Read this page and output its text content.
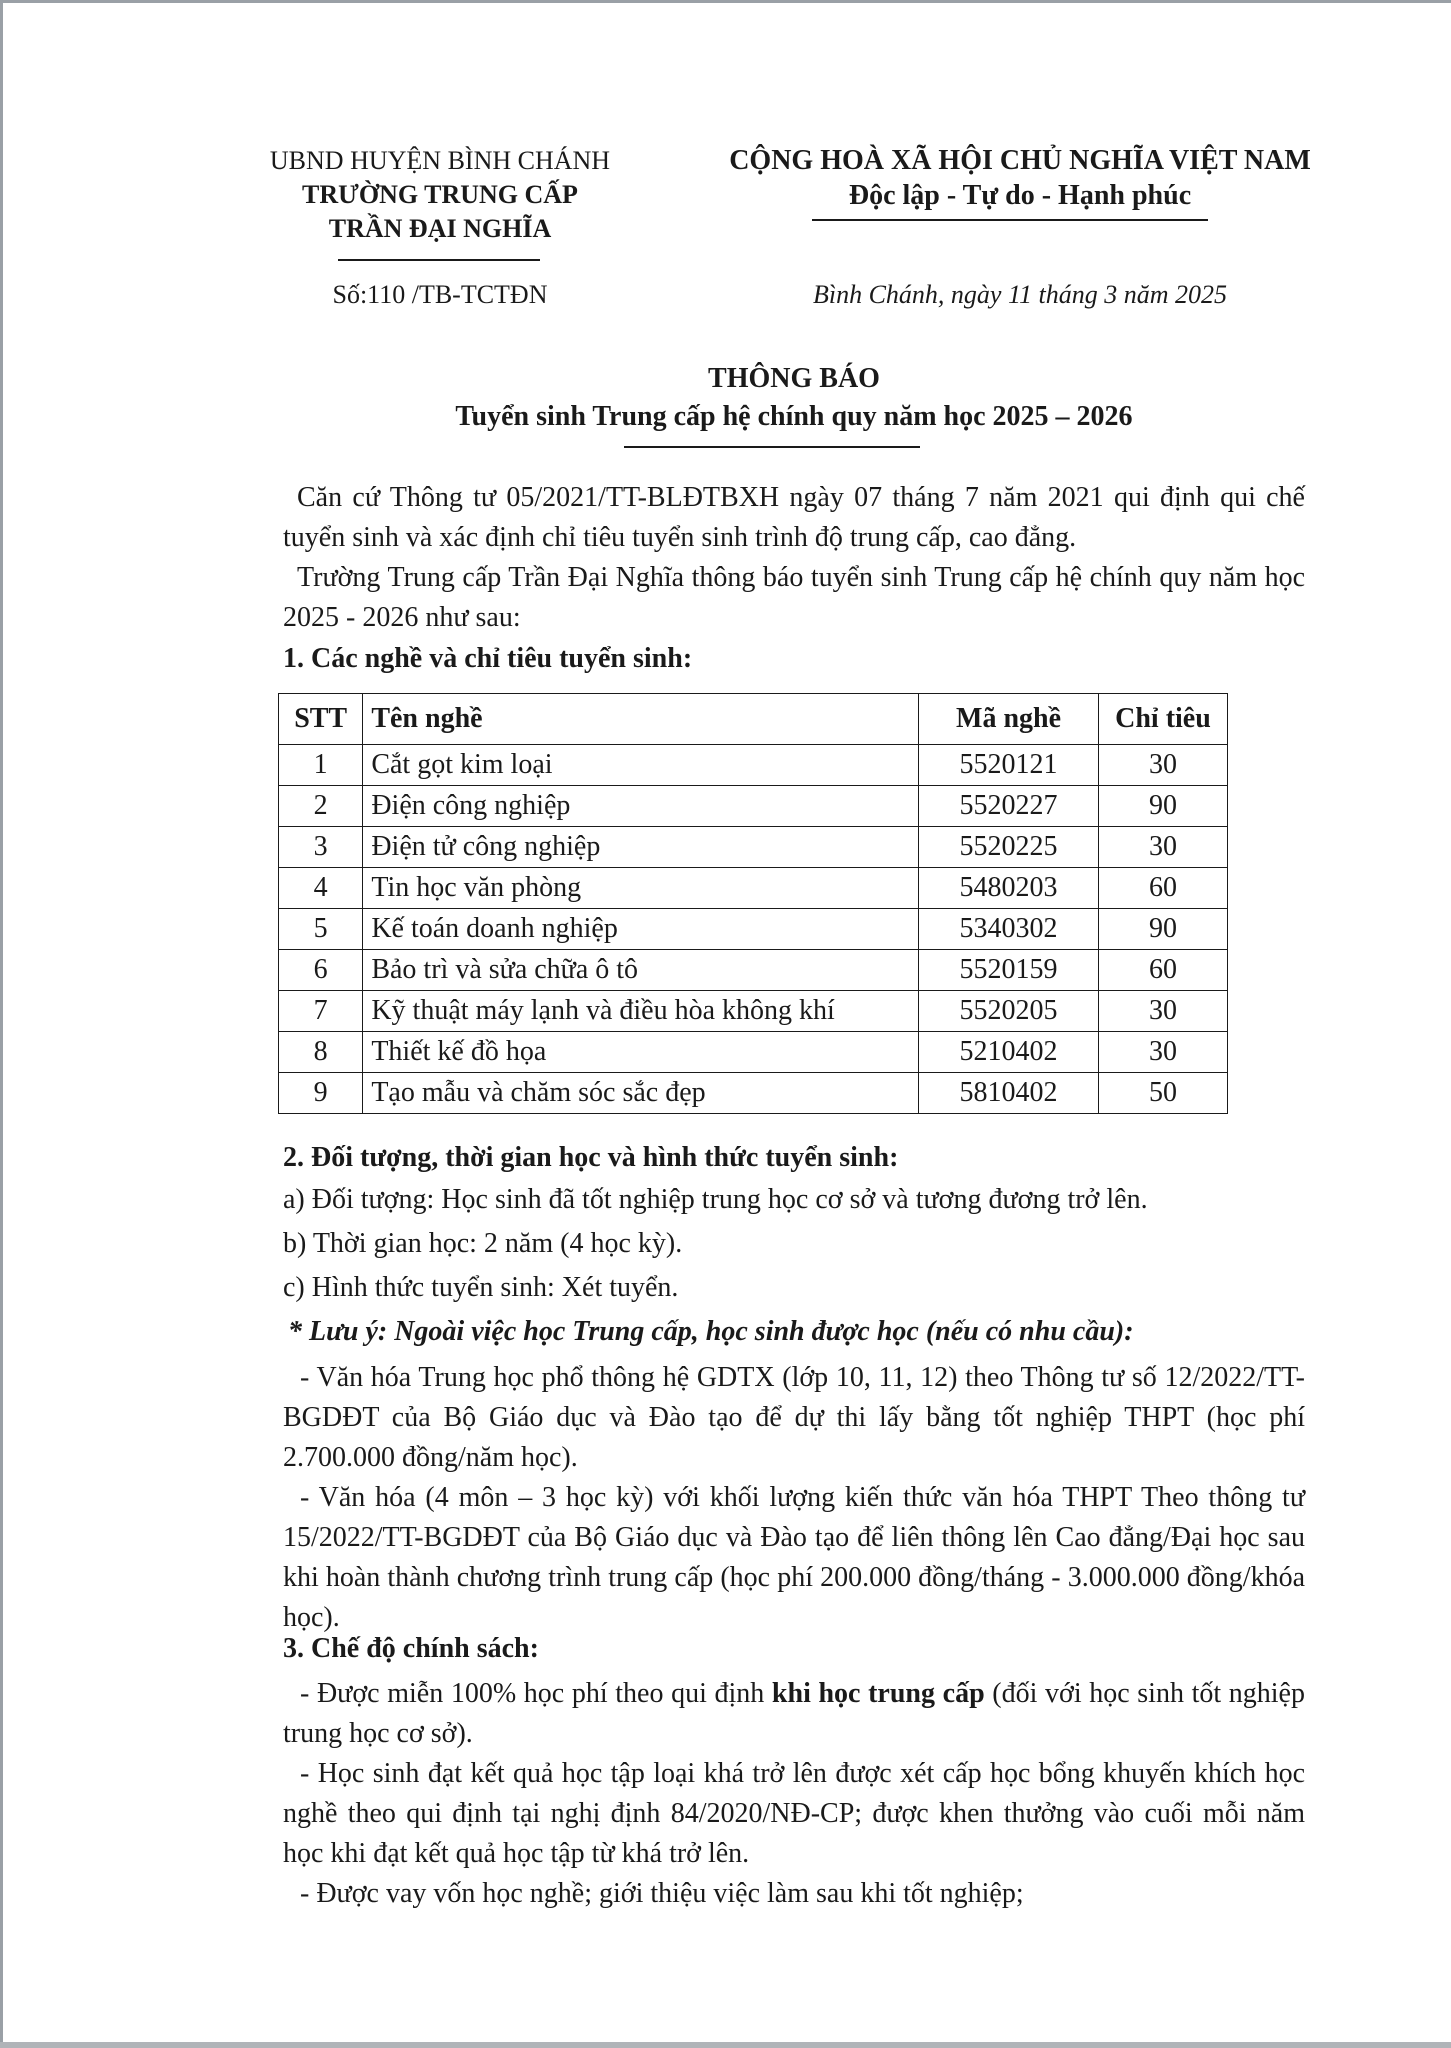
UBND HUYỆN BÌNH CHÁNH
TRƯỜNG TRUNG CẤP
TRẦN ĐẠI NGHĨA
Số:110 /TB-TCTĐN
CỘNG HOÀ XÃ HỘI CHỦ NGHĨA VIỆT NAM
Độc lập - Tự do - Hạnh phúc
Bình Chánh, ngày 11 tháng 3 năm 2025
THÔNG BÁO
Tuyển sinh Trung cấp hệ chính quy năm học 2025 – 2026
Căn cứ Thông tư 05/2021/TT-BLĐTBXH ngày 07 tháng 7 năm 2021 qui định qui chế tuyển sinh và xác định chỉ tiêu tuyển sinh trình độ trung cấp, cao đẳng.
Trường Trung cấp Trần Đại Nghĩa thông báo tuyển sinh Trung cấp hệ chính quy năm học 2025 - 2026 như sau:
1. Các nghề và chỉ tiêu tuyển sinh:
STT	Tên nghề	Mã nghề	Chỉ tiêu
1	Cắt gọt kim loại	5520121	30
2	Điện công nghiệp	5520227	90
3	Điện tử công nghiệp	5520225	30
4	Tin học văn phòng	5480203	60
5	Kế toán doanh nghiệp	5340302	90
6	Bảo trì và sửa chữa ô tô	5520159	60
7	Kỹ thuật máy lạnh và điều hòa không khí	5520205	30
8	Thiết kế đồ họa	5210402	30
9	Tạo mẫu và chăm sóc sắc đẹp	5810402	50
2. Đối tượng, thời gian học và hình thức tuyển sinh:
a) Đối tượng: Học sinh đã tốt nghiệp trung học cơ sở và tương đương trở lên.
b) Thời gian học: 2 năm (4 học kỳ).
c) Hình thức tuyển sinh: Xét tuyển.
* Lưu ý: Ngoài việc học Trung cấp, học sinh được học (nếu có nhu cầu):
- Văn hóa Trung học phổ thông hệ GDTX (lớp 10, 11, 12) theo Thông tư số 12/2022/TT-BGDĐT của Bộ Giáo dục và Đào tạo để dự thi lấy bằng tốt nghiệp THPT (học phí 2.700.000 đồng/năm học).
- Văn hóa (4 môn – 3 học kỳ) với khối lượng kiến thức văn hóa THPT Theo thông tư 15/2022/TT-BGDĐT của Bộ Giáo dục và Đào tạo để liên thông lên Cao đẳng/Đại học sau khi hoàn thành chương trình trung cấp (học phí 200.000 đồng/tháng - 3.000.000 đồng/khóa học).
3. Chế độ chính sách:
- Được miễn 100% học phí theo qui định khi học trung cấp (đối với học sinh tốt nghiệp trung học cơ sở).
- Học sinh đạt kết quả học tập loại khá trở lên được xét cấp học bổng khuyến khích học nghề theo qui định tại nghị định 84/2020/NĐ-CP; được khen thưởng vào cuối mỗi năm học khi đạt kết quả học tập từ khá trở lên.
- Được vay vốn học nghề; giới thiệu việc làm sau khi tốt nghiệp;
